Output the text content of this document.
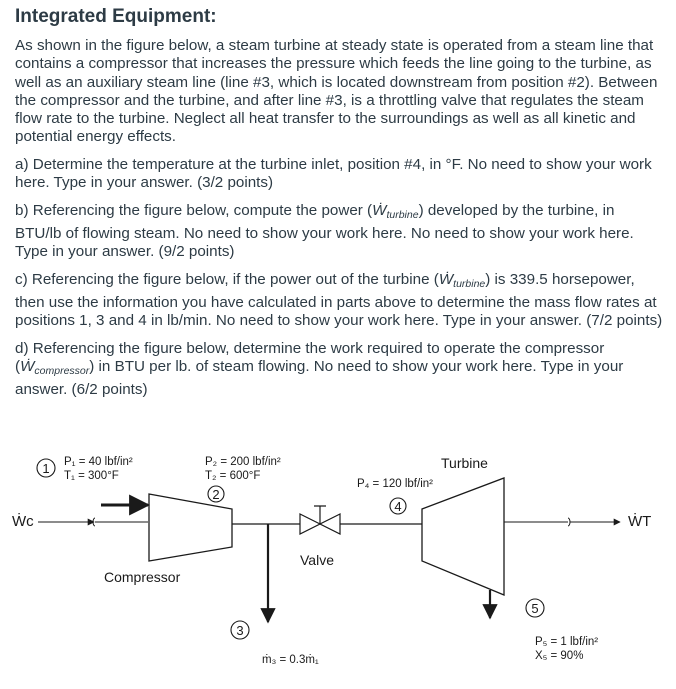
Integrated Equipment:

As shown in the figure below, a steam turbine at steady state is operated from a steam line that contains a compressor that increases the pressure which feeds the line going to the turbine, as well as an auxiliary steam line (line #3, which is located downstream from position #2). Between the compressor and the turbine, and after line #3, is a throttling valve that regulates the steam flow rate to the turbine. Neglect all heat transfer to the surroundings as well as all kinetic and potential energy effects.

a) Determine the temperature at the turbine inlet, position #4, in °F. No need to show your work here. Type in your answer. (3/2 points)

b) Referencing the figure below, compute the power (Ẇ$_{turbine}$) developed by the turbine, in BTU/lb of flowing steam. No need to show your work here. No need to show your work here. Type in your answer. (9/2 points)

c) Referencing the figure below, if the power out of the turbine (Ẇ$_{turbine}$) is 339.5 horsepower, then use the information you have calculated in parts above to determine the mass flow rates at positions 1, 3 and 4 in lb/min. No need to show your work here. Type in your answer. (7/2 points)

d) Referencing the figure below, determine the work required to operate the compressor (Ẇ$_{compressor}$) in BTU per lb. of steam flowing. No need to show your work here. Type in your answer. (6/2 points)

1 P₁ = 40 lbf/in²
T₁ = 300°F
Ẇc
Compressor
P₂ = 200 lbf/in²
T₂ = 600°F
2
3
ṁ₃ = 0.3ṁ₁
Valve
P₄ = 120 lbf/in²
4
Turbine
ẆT
5
P₅ = 1 lbf/in²
X₅ = 90%
